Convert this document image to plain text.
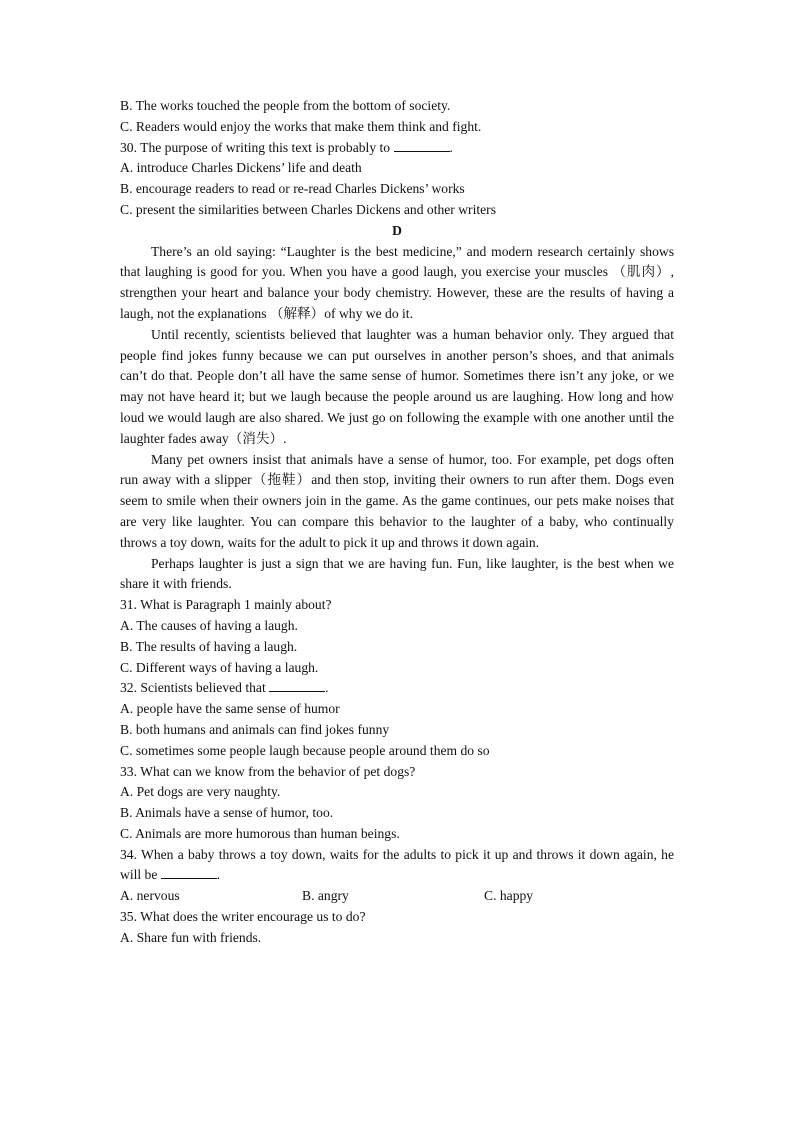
B. The works touched the people from the bottom of society.
C. Readers would enjoy the works that make them think and fight.
30. The purpose of writing this text is probably to	.
A. introduce Charles Dickens’ life and death
B. encourage readers to read or re-read Charles Dickens’ works
C. present the similarities between Charles Dickens and other writers
D

There’s an old saying: “Laughter is the best medicine,” and modern research certainly shows that laughing is good for you. When you have a good laugh, you exercise your muscles （肌肉）, strengthen your heart and balance your body chemistry. However, these are the results of having a laugh, not the explanations （解释）of why we do it.

Until recently, scientists believed that laughter was a human behavior only. They argued that people find jokes funny because we can put ourselves in another person’s shoes, and that animals can’t do that. People don’t all have the same sense of humor. Sometimes there isn’t any joke, or we may not have heard it; but we laugh because the people around us are laughing. How long and how loud we would laugh are also shared. We just go on following the example with one another until the laughter fades away（消失）.

Many pet owners insist that animals have a sense of humor, too. For example, pet dogs often run away with a slipper（拖鞋）and then stop, inviting their owners to run after them. Dogs even seem to smile when their owners join in the game. As the game continues, our pets make noises that are very like laughter. You can compare this behavior to the laughter of a baby, who continually throws a toy down, waits for the adult to pick it up and throws it down again.

Perhaps laughter is just a sign that we are having fun. Fun, like laughter, is the best when we share it with friends.

31. What is Paragraph 1 mainly about?
A. The causes of having a laugh.
B. The results of having a laugh.
C. Different ways of having a laugh.
32. Scientists believed that	.
A. people have the same sense of humor
B. both humans and animals can find jokes funny
C. sometimes some people laugh because people around them do so
33. What can we know from the behavior of pet dogs?
A. Pet dogs are very naughty.
B. Animals have a sense of humor, too.
C. Animals are more humorous than human beings.

34. When a baby throws a toy down, waits for the adults to pick it up and throws it down again, he will be	.

A. nervous	B. angry	C. happy
35. What does the writer encourage us to do?
A. Share fun with friends.
